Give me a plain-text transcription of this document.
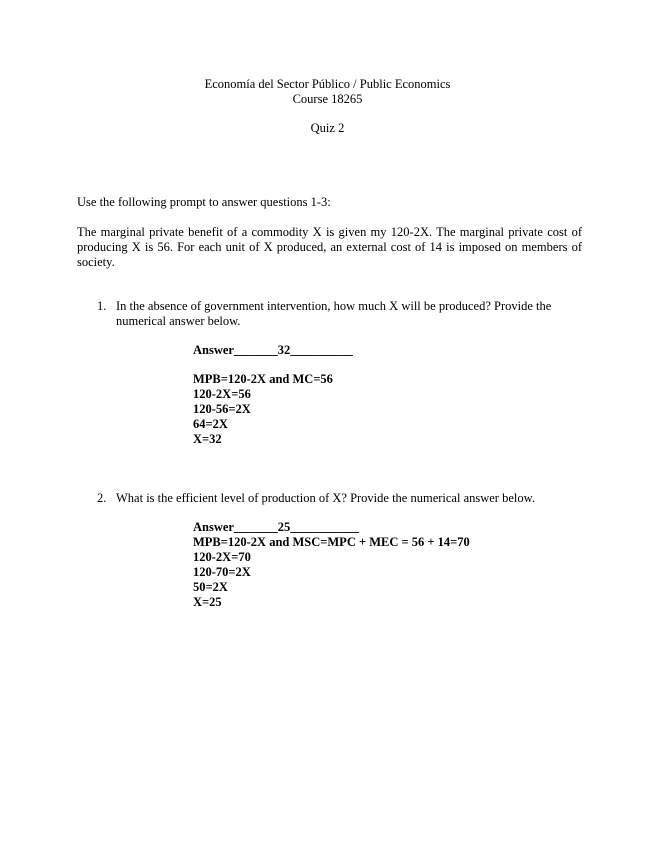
Economía del Sector Público / Public Economics
Course 18265
Quiz 2
Use the following prompt to answer questions 1-3:
The marginal private benefit of a commodity X is given my 120-2X. The marginal private cost of producing X is 56. For each unit of X produced, an external cost of 14 is imposed on members of society.
1. In the absence of government intervention, how much X will be produced? Provide the numerical answer below.
Answer_______32__________
MPB=120-2X and MC=56
120-2X=56
120-56=2X
64=2X
X=32
2. What is the efficient level of production of X? Provide the numerical answer below.
Answer_______25___________
MPB=120-2X and MSC=MPC + MEC = 56 + 14=70
120-2X=70
120-70=2X
50=2X
X=25
